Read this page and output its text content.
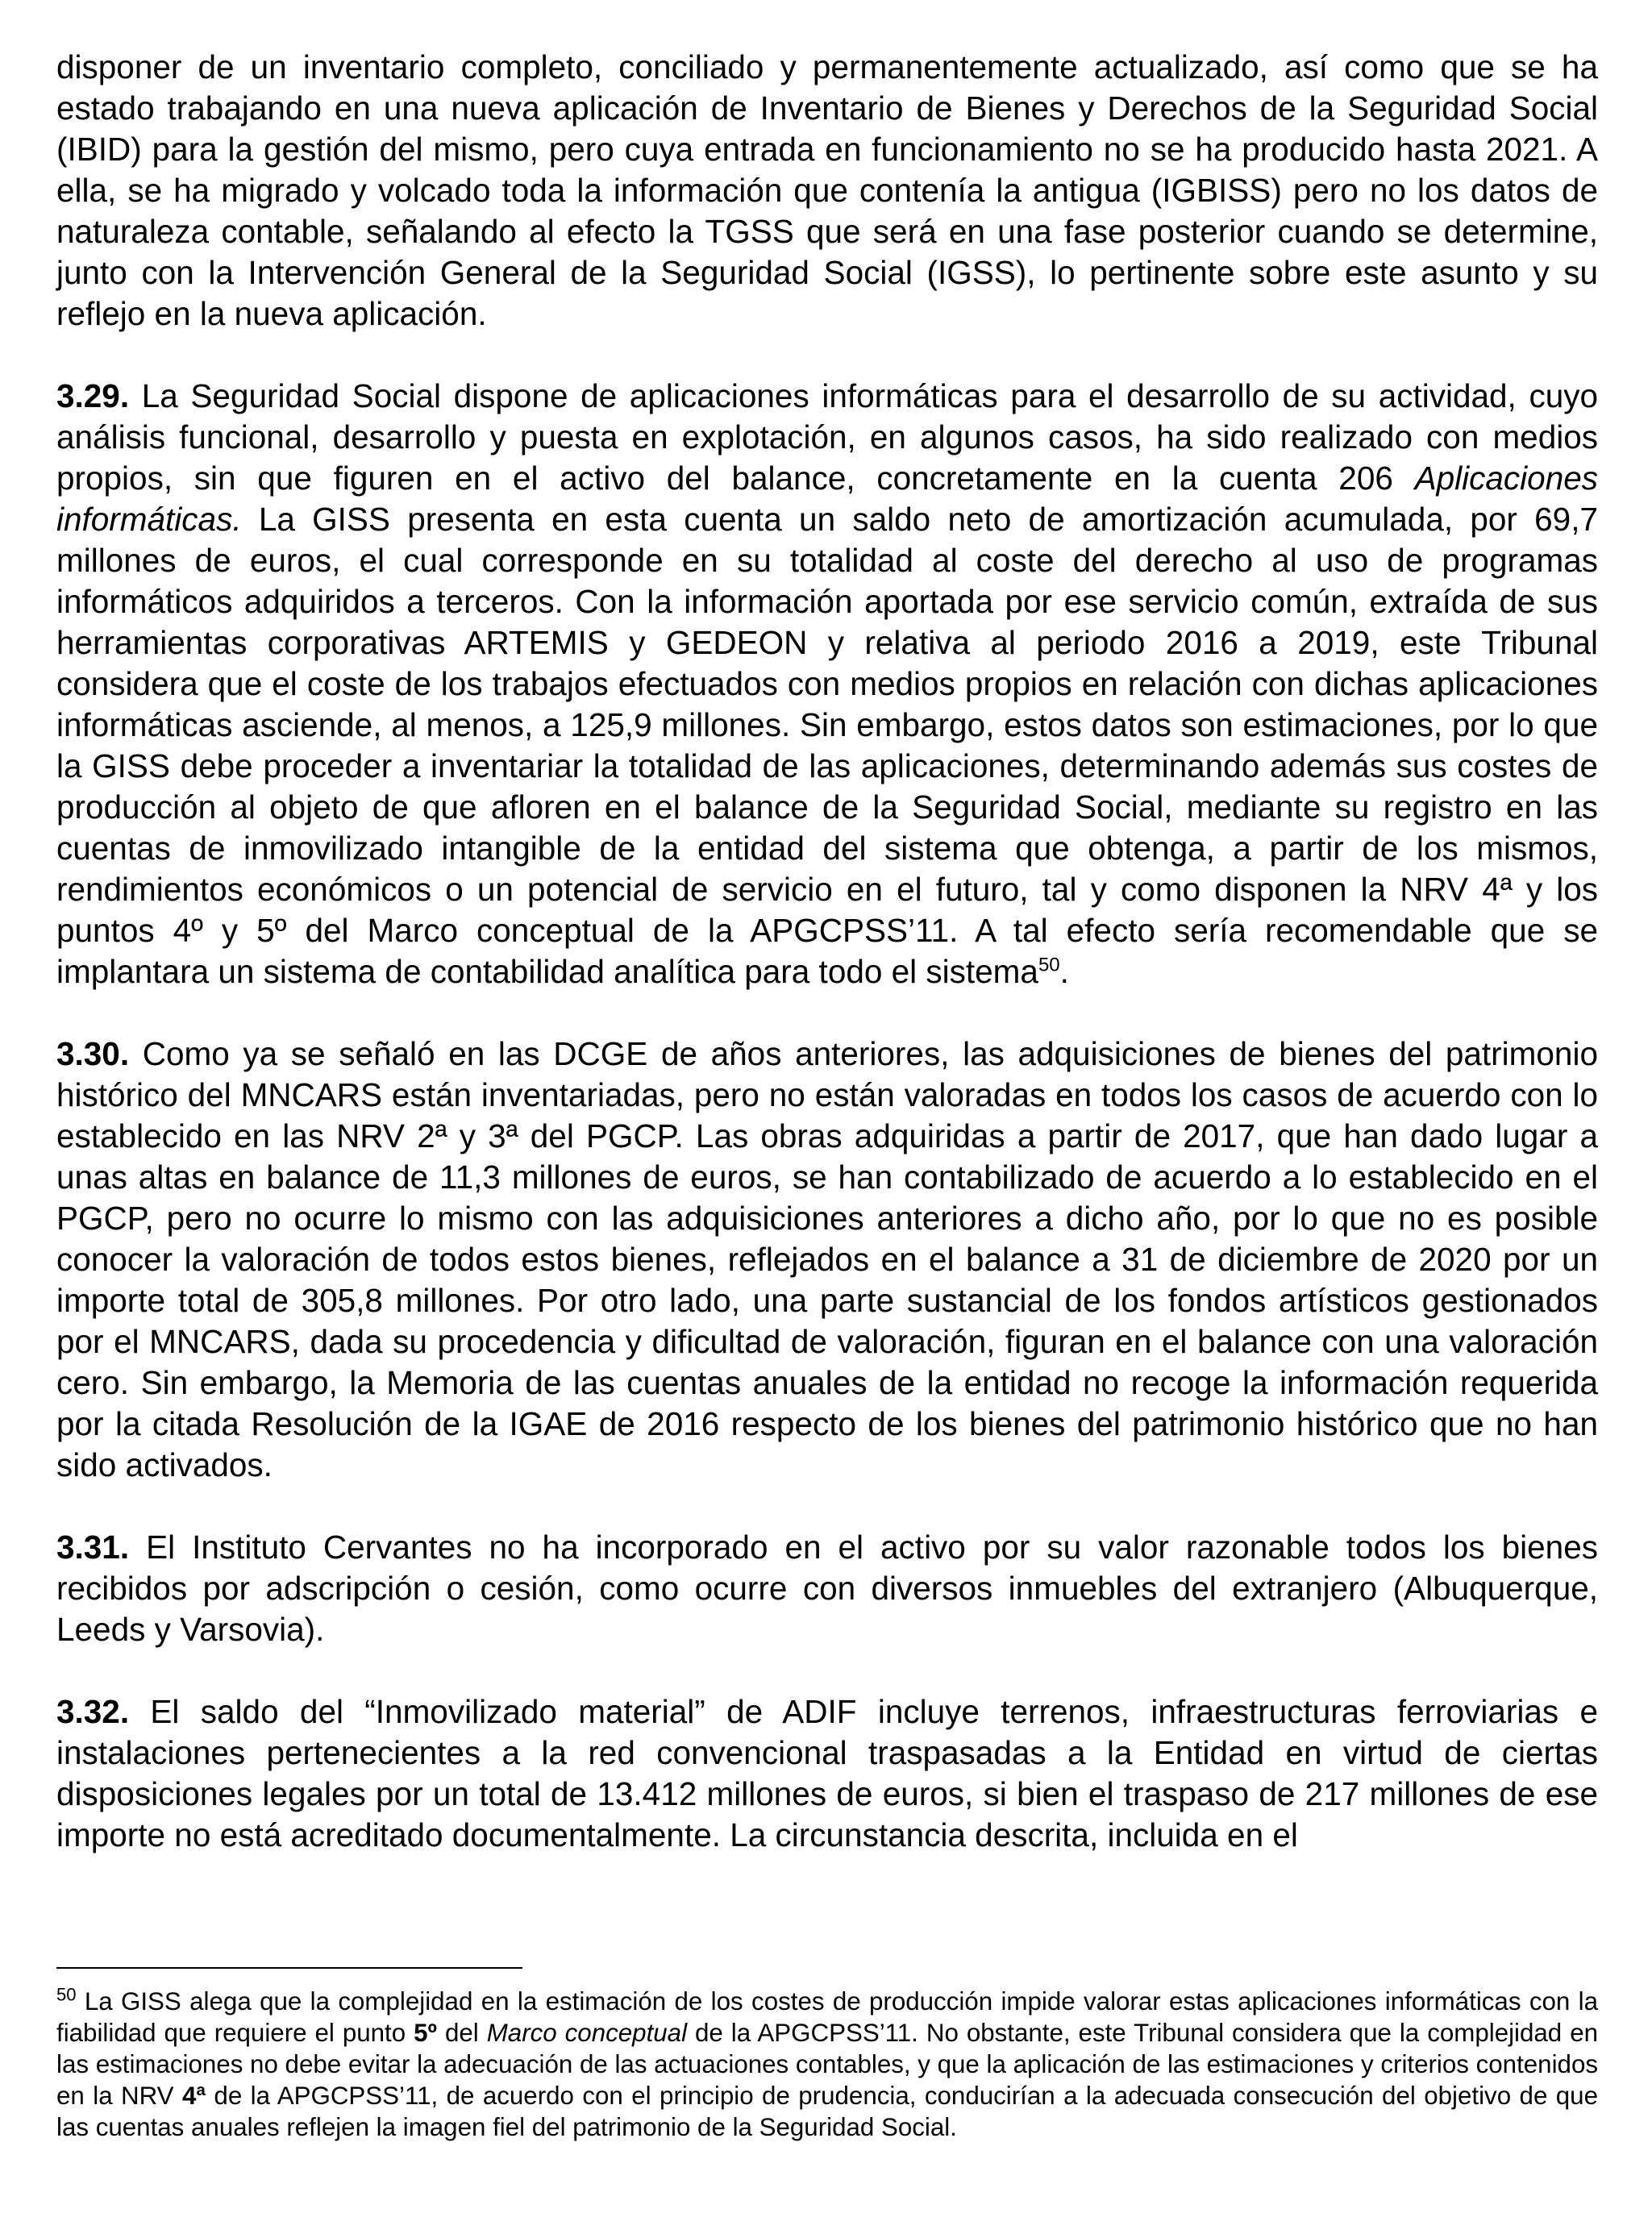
disponer de un inventario completo, conciliado y permanentemente actualizado, así como que se ha estado trabajando en una nueva aplicación de Inventario de Bienes y Derechos de la Seguridad Social (IBID) para la gestión del mismo, pero cuya entrada en funcionamiento no se ha producido hasta 2021. A ella, se ha migrado y volcado toda la información que contenía la antigua (IGBISS) pero no los datos de naturaleza contable, señalando al efecto la TGSS que será en una fase posterior cuando se determine, junto con la Intervención General de la Seguridad Social (IGSS), lo pertinente sobre este asunto y su reflejo en la nueva aplicación.

3.29. La Seguridad Social dispone de aplicaciones informáticas para el desarrollo de su actividad, cuyo análisis funcional, desarrollo y puesta en explotación, en algunos casos, ha sido realizado con medios propios, sin que figuren en el activo del balance, concretamente en la cuenta 206 Aplicaciones informáticas. La GISS presenta en esta cuenta un saldo neto de amortización acumulada, por 69,7 millones de euros, el cual corresponde en su totalidad al coste del derecho al uso de programas informáticos adquiridos a terceros. Con la información aportada por ese servicio común, extraída de sus herramientas corporativas ARTEMIS y GEDEON y relativa al periodo 2016 a 2019, este Tribunal considera que el coste de los trabajos efectuados con medios propios en relación con dichas aplicaciones informáticas asciende, al menos, a 125,9 millones. Sin embargo, estos datos son estimaciones, por lo que la GISS debe proceder a inventariar la totalidad de las aplicaciones, determinando además sus costes de producción al objeto de que afloren en el balance de la Seguridad Social, mediante su registro en las cuentas de inmovilizado intangible de la entidad del sistema que obtenga, a partir de los mismos, rendimientos económicos o un potencial de servicio en el futuro, tal y como disponen la NRV 4ª y los puntos 4º y 5º del Marco conceptual de la APGCPSS’11. A tal efecto sería recomendable que se implantara un sistema de contabilidad analítica para todo el sistema$^{50}$.

3.30. Como ya se señaló en las DCGE de años anteriores, las adquisiciones de bienes del patrimonio histórico del MNCARS están inventariadas, pero no están valoradas en todos los casos de acuerdo con lo establecido en las NRV 2ª y 3ª del PGCP. Las obras adquiridas a partir de 2017, que han dado lugar a unas altas en balance de 11,3 millones de euros, se han contabilizado de acuerdo a lo establecido en el PGCP, pero no ocurre lo mismo con las adquisiciones anteriores a dicho año, por lo que no es posible conocer la valoración de todos estos bienes, reflejados en el balance a 31 de diciembre de 2020 por un importe total de 305,8 millones. Por otro lado, una parte sustancial de los fondos artísticos gestionados por el MNCARS, dada su procedencia y dificultad de valoración, figuran en el balance con una valoración cero. Sin embargo, la Memoria de las cuentas anuales de la entidad no recoge la información requerida por la citada Resolución de la IGAE de 2016 respecto de los bienes del patrimonio histórico que no han sido activados.

3.31. El Instituto Cervantes no ha incorporado en el activo por su valor razonable todos los bienes recibidos por adscripción o cesión, como ocurre con diversos inmuebles del extranjero (Albuquerque, Leeds y Varsovia).

3.32. El saldo del “Inmovilizado material” de ADIF incluye terrenos, infraestructuras ferroviarias e instalaciones pertenecientes a la red convencional traspasadas a la Entidad en virtud de ciertas disposiciones legales por un total de 13.412 millones de euros, si bien el traspaso de 217 millones de ese importe no está acreditado documentalmente. La circunstancia descrita, incluida en el

$^{50}$ La GISS alega que la complejidad en la estimación de los costes de producción impide valorar estas aplicaciones informáticas con la fiabilidad que requiere el punto 5º del Marco conceptual de la APGCPSS’11. No obstante, este Tribunal considera que la complejidad en las estimaciones no debe evitar la adecuación de las actuaciones contables, y que la aplicación de las estimaciones y criterios contenidos en la NRV 4ª de la APGCPSS’11, de acuerdo con el principio de prudencia, conducirían a la adecuada consecución del objetivo de que las cuentas anuales reflejen la imagen fiel del patrimonio de la Seguridad Social.
